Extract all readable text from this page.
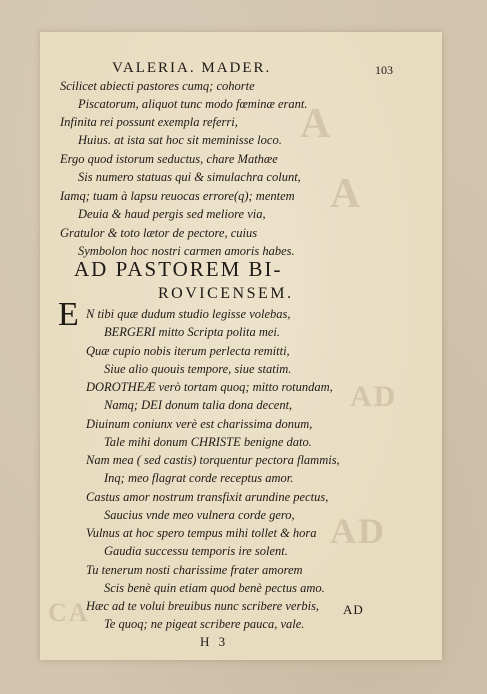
A
A
AD
AD
CA
VALERIA. MADER.	103
Scilicet abiecti pastores cumq; cohorte
Piscatorum, aliquot tunc modo fœminæ erant.
Infinita rei possunt exempla referri,
Huius. at ista sat hoc sit meminisse loco.
Ergo quod istorum seductus, chare Mathæe
Sis numero statuas qui & simulachra colunt,
Iamq; tuam à lapsu reuocas errore(q); mentem
Deuia & haud pergis sed meliore via,
Gratulor & toto lætor de pectore, cuius
Symbolon hoc nostri carmen amoris habes.
AD PASTOREM BI-
ROVICENSEM.
E N tibi quæ dudum studio legisse volebas,
BERGERI mitto Scripta polita mei.
Quæ cupio nobis iterum perlecta remitti,
Siue alio quouis tempore, siue statim.
DOROTHEÆ verò tortam quoq; mitto rotundam,
Namq; DEI donum talia dona decent,
Diuinum coniunx verè est charissima donum,
Tale mihi donum CHRISTE benigne dato.
Nam mea ( sed castis) torquentur pectora flammis,
Inq; meo flagrat corde receptus amor.
Castus amor nostrum transfixit arundine pectus,
Saucius vnde meo vulnera corde gero,
Vulnus at hoc spero tempus mihi tollet & hora
Gaudia successu temporis ire solent.
Tu tenerum nosti charissime frater amorem
Scis benè quin etiam quod benè pectus amo.
Hæc ad te volui breuibus nunc scribere verbis,
Te quoq; ne pigeat scribere pauca, vale.
H 3
AD
